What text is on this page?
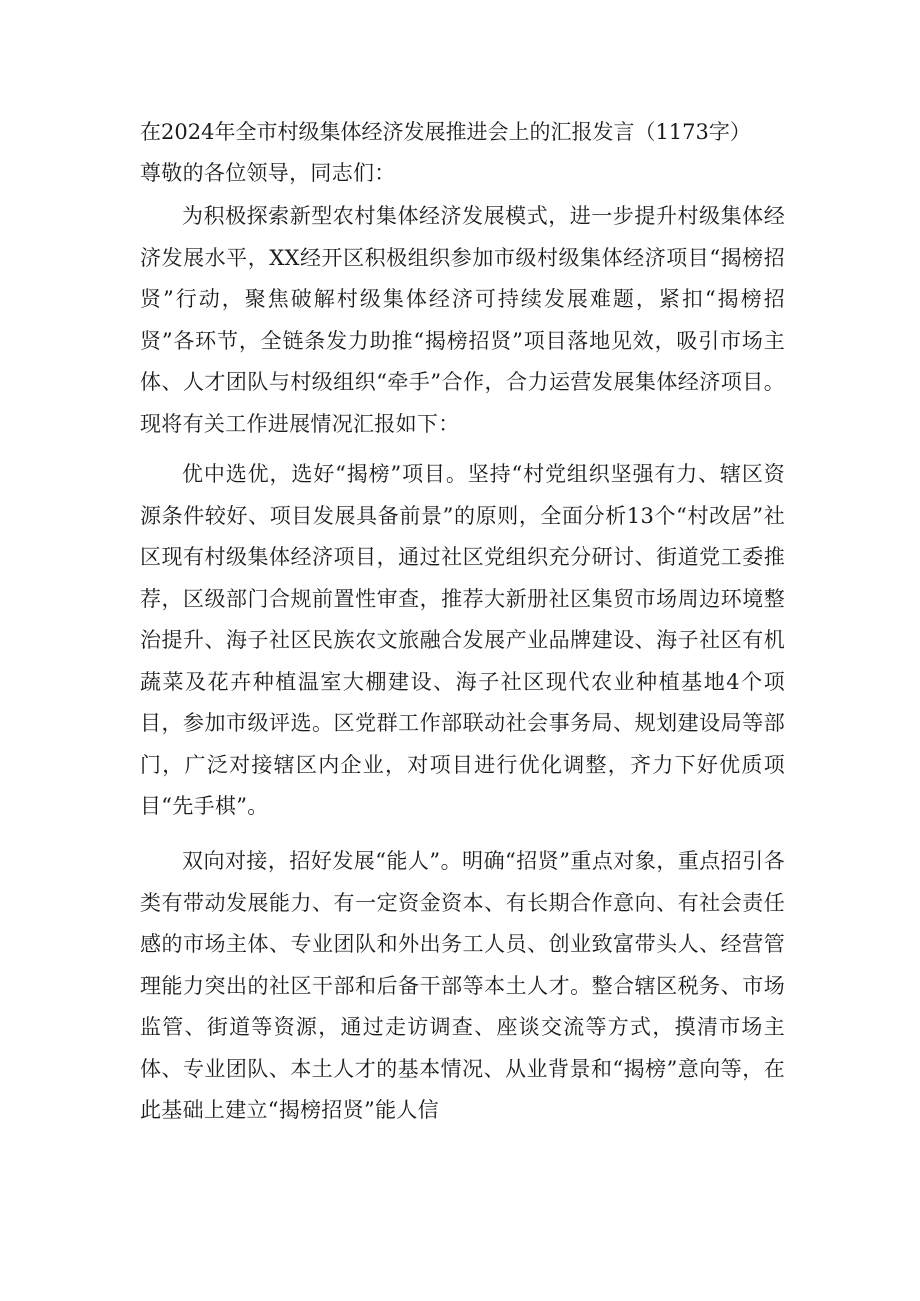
在2024年全市村级集体经济发展推进会上的汇报发言（1173字）

尊敬的各位领导，同志们：

为积极探索新型农村集体经济发展模式，进一步提升村级集体经济发展水平，XX经开区积极组织参加市级村级集体经济项目“揭榜招贤”行动，聚焦破解村级集体经济可持续发展难题，紧扣“揭榜招贤”各环节，全链条发力助推“揭榜招贤”项目落地见效，吸引市场主体、人才团队与村级组织“牵手”合作，合力运营发展集体经济项目。现将有关工作进展情况汇报如下：

优中选优，选好“揭榜”项目。坚持“村党组织坚强有力、辖区资源条件较好、项目发展具备前景”的原则，全面分析13个“村改居”社区现有村级集体经济项目，通过社区党组织充分研讨、街道党工委推荐，区级部门合规前置性审查，推荐大新册社区集贸市场周边环境整治提升、海子社区民族农文旅融合发展产业品牌建设、海子社区有机蔬菜及花卉种植温室大棚建设、海子社区现代农业种植基地4个项目，参加市级评选。区党群工作部联动社会事务局、规划建设局等部门，广泛对接辖区内企业，对项目进行优化调整，齐力下好优质项目“先手棋”。

双向对接，招好发展“能人”。明确“招贤”重点对象，重点招引各类有带动发展能力、有一定资金资本、有长期合作意向、有社会责任感的市场主体、专业团队和外出务工人员、创业致富带头人、经营管理能力突出的社区干部和后备干部等本土人才。整合辖区税务、市场监管、街道等资源，通过走访调查、座谈交流等方式，摸清市场主体、专业团队、本土人才的基本情况、从业背景和“揭榜”意向等，在此基础上建立“揭榜招贤”能人信
